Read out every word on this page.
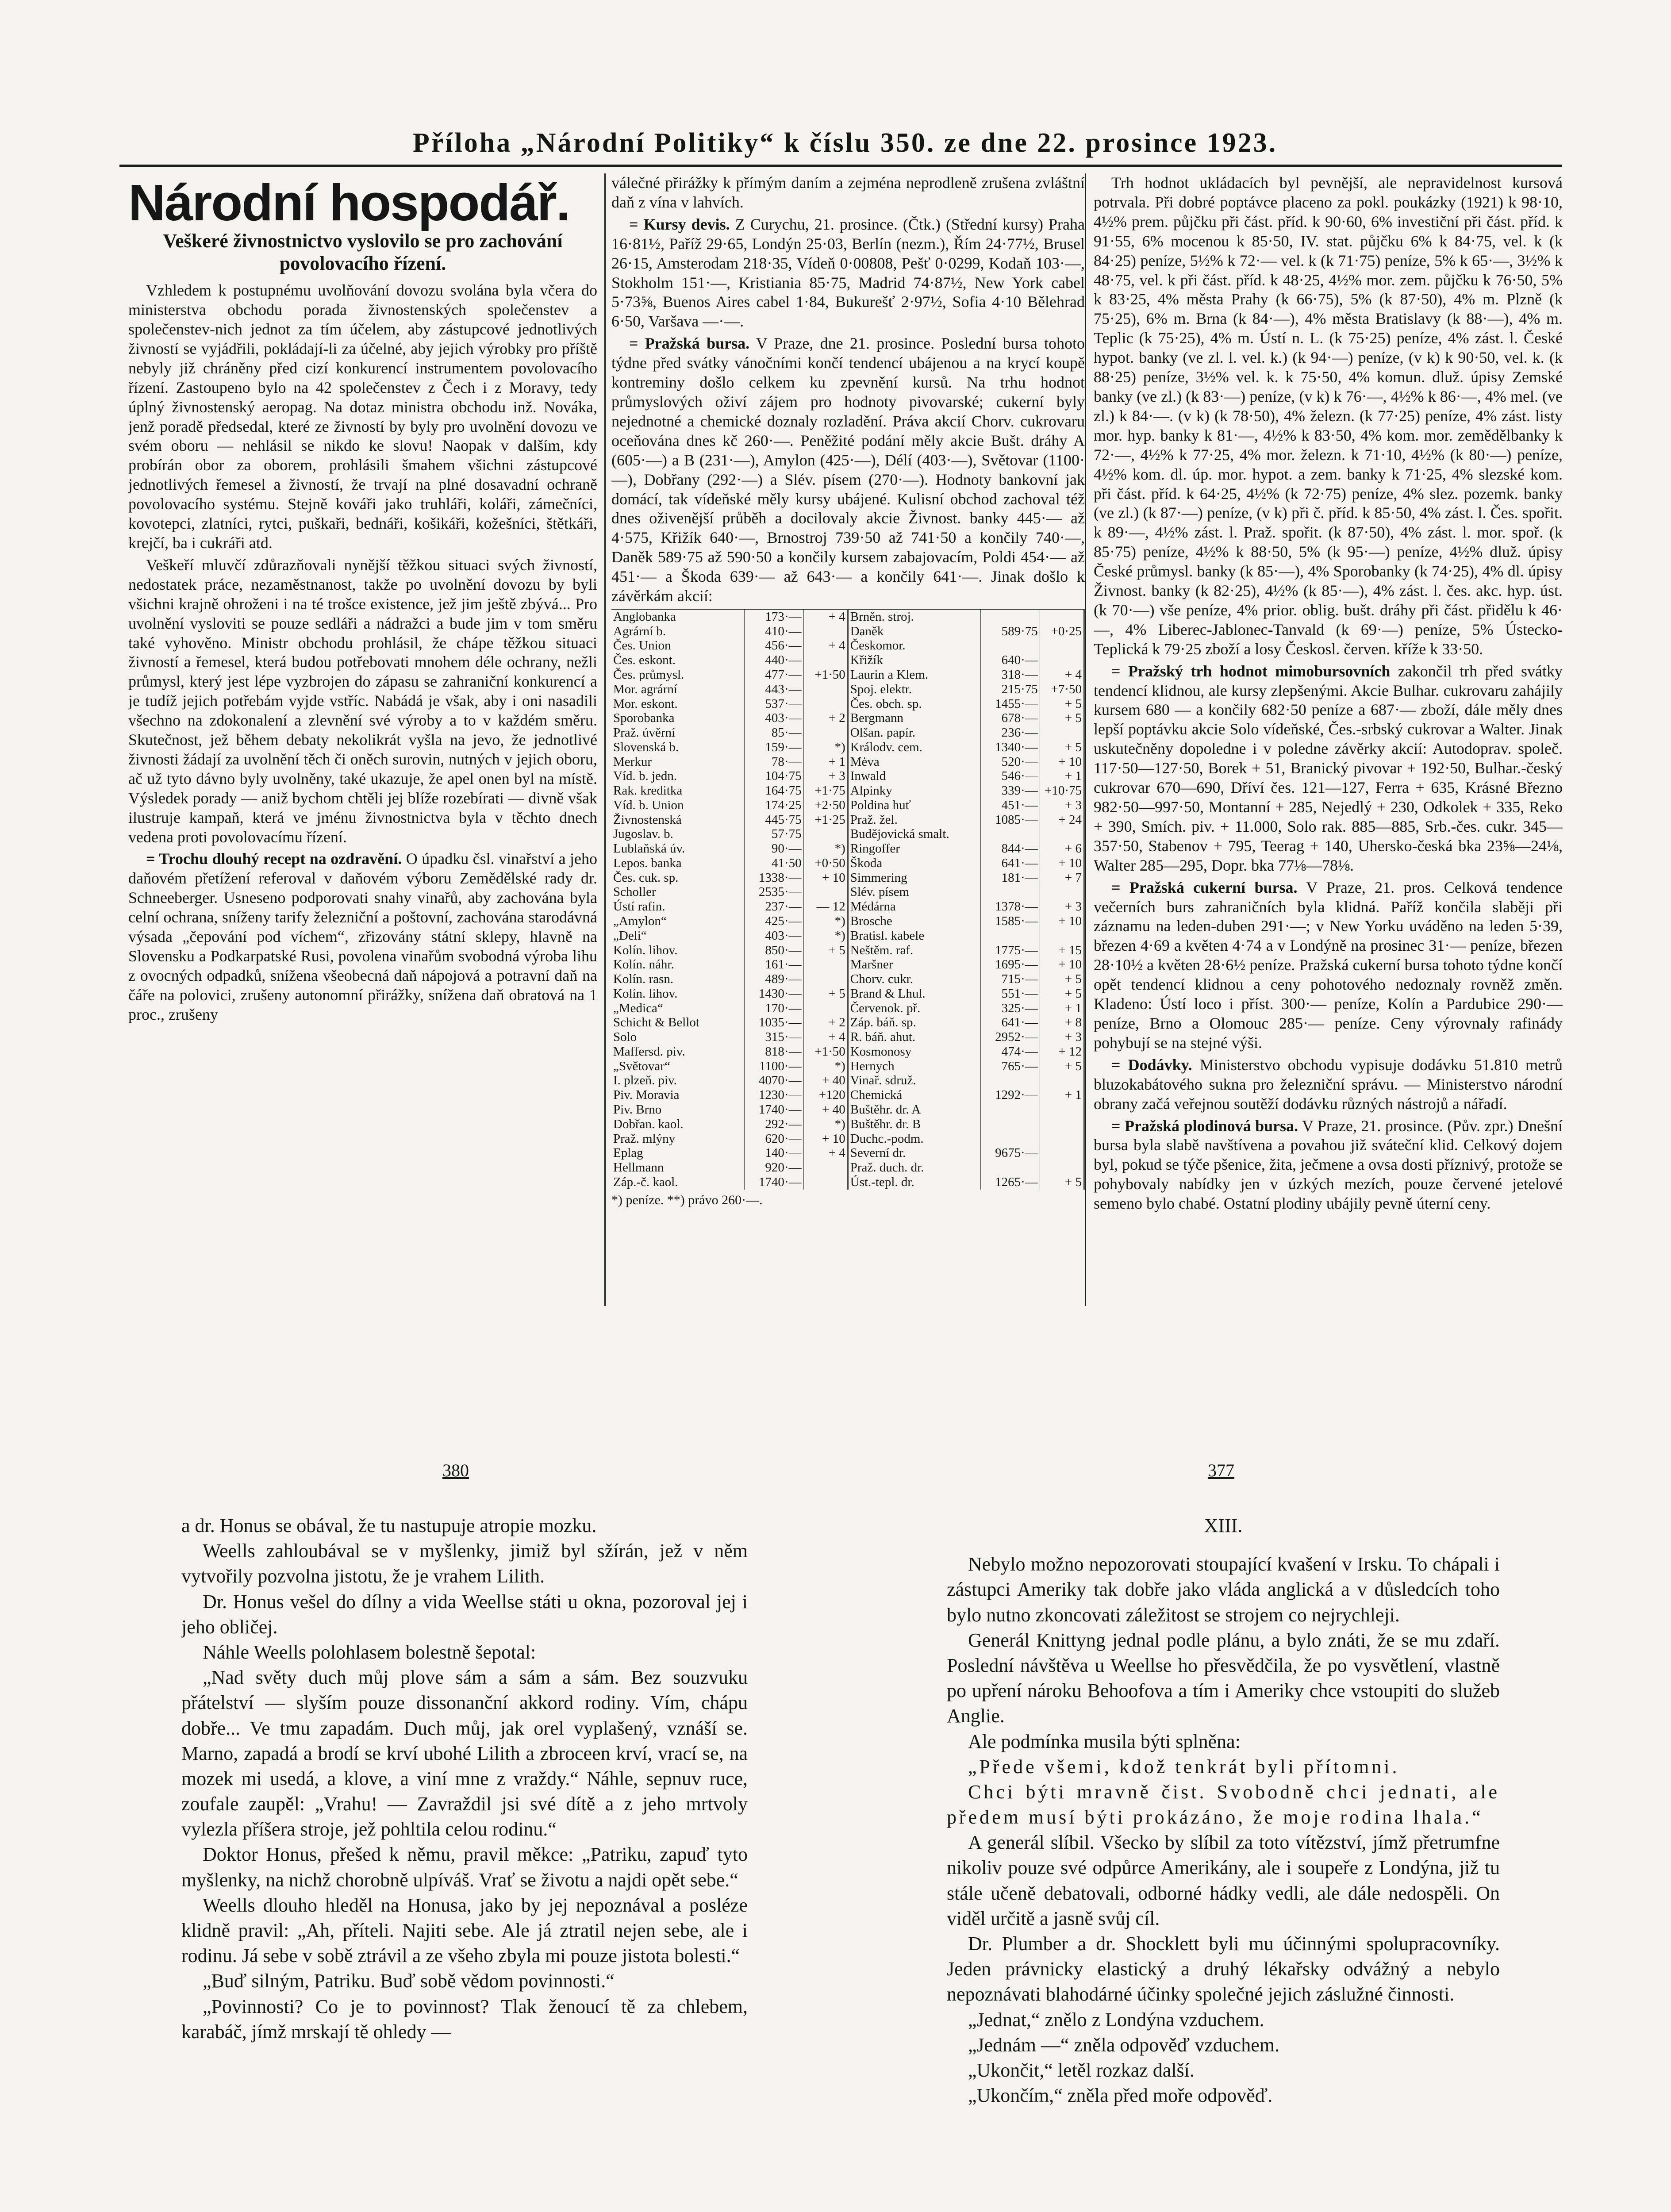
Příloha „Národní Politiky“ k číslu 350. ze dne 22. prosince 1923.
Národní hospodář.
Veškeré živnostnictvo vyslovilo se pro zachování povolovacího řízení.

Vzhledem k postupnému uvolňování dovozu svolána byla včera do ministerstva obchodu porada živnostenských společenstev a společenstev-nich jednot za tím účelem, aby zástupcové jednotlivých živností se vyjádřili, pokládají-li za účelné, aby jejich výrobky pro příště nebyly již chráněny před cizí konkurencí instrumentem povolovacího řízení. Zastoupeno bylo na 42 společenstev z Čech i z Moravy, tedy úplný živnostenský aeropag. Na dotaz ministra obchodu inž. Nováka, jenž poradě předsedal, které ze živností by byly pro uvolnění dovozu ve svém oboru — nehlásil se nikdo ke slovu! Naopak v dalším, kdy probírán obor za oborem, prohlásili šmahem všichni zástupcové jednotlivých řemesel a živností, že trvají na plné dosavadní ochraně povolovacího systému. Stejně kováři jako truhláři, koláři, zámečníci, kovotepci, zlatníci, rytci, puškaři, bednáři, košikáři, kožešníci, štětkáři, krejčí, ba i cukráři atd.

Veškeří mluvčí zdůrazňovali nynější těžkou situaci svých živností, nedostatek práce, nezaměstnanost, takže po uvolnění dovozu by byli všichni krajně ohroženi i na té trošce existence, jež jim ještě zbývá... Pro uvolnění vysloviti se pouze sedláři a nádražci a bude jim v tom směru také vyhověno. Ministr obchodu prohlásil, že chápe těžkou situaci živností a řemesel, která budou potřebovati mnohem déle ochrany, nežli průmysl, který jest lépe vyzbrojen do zápasu se zahraniční konkurencí a je tudíž jejich potřebám vyjde vstříc. Nabádá je však, aby i oni nasadili všechno na zdokonalení a zlevnění své výroby a to v každém směru. Skutečnost, jež během debaty nekolikrát vyšla na jevo, že jednotlivé živnosti žádají za uvolnění těch či oněch surovin, nutných v jejich oboru, ač už tyto dávno byly uvolněny, také ukazuje, že apel onen byl na místě. Výsledek porady — aniž bychom chtěli jej blíže rozebírati — divně však ilustruje kampaň, která ve jménu živnostnictva byla v těchto dnech vedena proti povolovacímu řízení.

= Trochu dlouhý recept na ozdravění. O úpadku čsl. vinařství a jeho daňovém přetížení referoval v daňovém výboru Zemědělské rady dr. Schneeberger. Usneseno podporovati snahy vinařů, aby zachována byla celní ochrana, sníženy tarify železniční a poštovní, zachována starodávná výsada „čepování pod víchem“, zřizovány státní sklepy, hlavně na Slovensku a Podkarpatské Rusi, povolena vinařům svobodná výroba lihu z ovocných odpadků, snížena všeobecná daň nápojová a potravní daň na čáře na polovici, zrušeny autonomní přirážky, snížena daň obratová na 1 proc., zrušeny

válečné přirážky k přímým daním a zejména neprodleně zrušena zvláštní daň z vína v lahvích.

= Kursy devis. Z Curychu, 21. prosince. (Čtk.) (Střední kursy) Praha 16·81½, Paříž 29·65, Londýn 25·03, Berlín (nezm.), Řím 24·77½, Brusel 26·15, Amsterodam 218·35, Vídeň 0·00808, Pešť 0·0299, Kodaň 103·—, Stokholm 151·—, Kristiania 85·75, Madrid 74·87½, New York cabel 5·73⅝, Buenos Aires cabel 1·84, Bukurešť 2·97½, Sofia 4·10 Bělehrad 6·50, Varšava —·—.

= Pražská bursa. V Praze, dne 21. prosince. Poslední bursa tohoto týdne před svátky vánočními končí tendencí ubájenou a na krycí koupě kontreminy došlo celkem ku zpevnění kursů. Na trhu hodnot průmyslových oživí zájem pro hodnoty pivovarské; cukerní byly nejednotné a chemické doznaly rozladění. Práva akcií Chorv. cukrovaru oceňována dnes kč 260·—. Peněžité podání měly akcie Bušt. dráhy A (605·—) a B (231·—), Amylon (425·—), Délí (403·—), Světovar (1100·—), Dobřany (292·—) a Slév. písem (270·—). Hodnoty bankovní jak domácí, tak vídeňské měly kursy ubájené. Kulisní obchod zachoval též dnes oživenější průběh a docilovaly akcie Živnost. banky 445·— až 4·575, Křižík 640·—, Brnostroj 739·50 až 741·50 a končily 740·—, Daněk 589·75 až 590·50 a končily kursem zabajovacím, Poldi 454·— až 451·— a Škoda 639·— až 643·— a končily 641·—. Jinak došlo k závěrkám akcií:

Anglobanka	173·—	+ 4	Brněn. stroj.		
Agrární b.	410·—		Daněk	589·75	+0·25
Čes. Union	456·—	+ 4	Českomor.		
Čes. eskont.	440·—		Křižík	640·—	
Čes. průmysl.	477·—	+1·50	Laurin a Klem.	318·—	+ 4
Mor. agrární	443·—		Spoj. elektr.	215·75	+7·50
Mor. eskont.	537·—		Čes. obch. sp.	1455·—	+ 5
Sporobanka	403·—	+ 2	Bergmann	678·—	+ 5
Praž. úvěrní	85·—		Olšan. papír.	236·—	
Slovenská b.	159·—	*)	Králodv. cem.	1340·—	+ 5
Merkur	78·—	+ 1	Mėva	520·—	+ 10
Víd. b. jedn.	104·75	+ 3	Inwald	546·—	+ 1
Rak. kreditka	164·75	+1·75	Alpinky	339·—	+10·75
Víd. b. Union	174·25	+2·50	Poldina huť	451·—	+ 3
Živnostenská	445·75	+1·25	Praž. žel.	1085·—	+ 24
Jugoslav. b.	57·75		Budějovická smalt.		
Lublaňská úv.	90·—	*)	Ringoffer	844·—	+ 6
Lepos. banka	41·50	+0·50	Škoda	641·—	+ 10
Čes. cuk. sp.	1338·—	+ 10	Simmering	181·—	+ 7
Scholler	2535·—		Slév. písem		
Ústí rafin.	237·—	— 12	Médárna	1378·—	+ 3
„Amylon“	425·—	*)	Brosche	1585·—	+ 10
„Deli“	403·—	*)	Bratisl. kabele		
Kolín. lihov.	850·—	+ 5	Neštěm. raf.	1775·—	+ 15
Kolín. náhr.	161·—		Maršner	1695·—	+ 10
Kolín. rasn.	489·—		Chorv. cukr.	715·—	+ 5
Kolín. lihov.	1430·—	+ 5	Brand & Lhul.	551·—	+ 5
„Medica“	170·—		Červenok. př.	325·—	+ 1
Schicht & Bellot	1035·—	+ 2	Záp. báň. sp.	641·—	+ 8
Solo	315·—	+ 4	R. báň. ahut.	2952·—	+ 3
Maffersd. piv.	818·—	+1·50	Kosmonosy	474·—	+ 12
„Světovar“	1100·—	*)	Hernych	765·—	+ 5
I. plzeň. piv.	4070·—	+ 40	Vinař. sdruž.		
Piv. Moravia	1230·—	+120	Chemická	1292·—	+ 1
Piv. Brno	1740·—	+ 40	Buštěhr. dr. A		
Dobřan. kaol.	292·—	*)	Buštěhr. dr. B		
Praž. mlýny	620·—	+ 10	Duchc.-podm.		
Eplag	140·—	+ 4	Severní dr.	9675·—	
Hellmann	920·—		Praž. duch. dr.		
Záp.-č. kaol.	1740·—		Úst.-tepl. dr.	1265·—	+ 5
*) peníze. **) právo 260·—.

Trh hodnot ukládacích byl pevnější, ale nepravidelnost kursová potrvala. Při dobré poptávce placeno za pokl. poukázky (1921) k 98·10, 4½% prem. půjčku při část. příd. k 90·60, 6% investiční při část. příd. k 91·55, 6% mocenou k 85·50, IV. stat. půjčku 6% k 84·75, vel. k (k 84·25) peníze, 5½% k 72·— vel. k (k 71·75) peníze, 5% k 65·—, 3½% k 48·75, vel. k při část. příd. k 48·25, 4½% mor. zem. půjčku k 76·50, 5% k 83·25, 4% města Prahy (k 66·75), 5% (k 87·50), 4% m. Plzně (k 75·25), 6% m. Brna (k 84·—), 4% města Bratislavy (k 88·—), 4% m. Teplic (k 75·25), 4% m. Ústí n. L. (k 75·25) peníze, 4% zást. l. České hypot. banky (ve zl. l. vel. k.) (k 94·—) peníze, (v k) k 90·50, vel. k. (k 88·25) peníze, 3½% vel. k. k 75·50, 4% komun. dluž. úpisy Zemské banky (ve zl.) (k 83·—) peníze, (v k) k 76·—, 4½% k 86·—, 4% mel. (ve zl.) k 84·—. (v k) (k 78·50), 4% železn. (k 77·25) peníze, 4% zást. listy mor. hyp. banky k 81·—, 4½% k 83·50, 4% kom. mor. zemědělbanky k 72·—, 4½% k 77·25, 4% mor. železn. k 71·10, 4½% (k 80·—) peníze, 4½% kom. dl. úp. mor. hypot. a zem. banky k 71·25, 4% slezské kom. při část. příd. k 64·25, 4½% (k 72·75) peníze, 4% slez. pozemk. banky (ve zl.) (k 87·—) peníze, (v k) při č. příd. k 85·50, 4% zást. l. Čes. spořit. k 89·—, 4½% zást. l. Praž. spořit. (k 87·50), 4% zást. l. mor. spoř. (k 85·75) peníze, 4½% k 88·50, 5% (k 95·—) peníze, 4½% dluž. úpisy České průmysl. banky (k 85·—), 4% Sporobanky (k 74·25), 4% dl. úpisy Živnost. banky (k 82·25), 4½% (k 85·—), 4% zást. l. čes. akc. hyp. úst. (k 70·—) vše peníze, 4% prior. oblig. bušt. dráhy při část. přidělu k 46·—, 4% Liberec-Jablonec-Tanvald (k 69·—) peníze, 5% Ústecko-Teplická k 79·25 zboží a losy Českosl. červen. kříže k 33·50.

= Pražský trh hodnot mimobursovních zakončil trh před svátky tendencí klidnou, ale kursy zlepšenými. Akcie Bulhar. cukrovaru zahájily kursem 680 — a končily 682·50 peníze a 687·— zboží, dále měly dnes lepší poptávku akcie Solo vídeňské, Čes.-srbský cukrovar a Walter. Jinak uskutečněny dopoledne i v poledne závěrky akcií: Autodoprav. společ. 117·50—127·50, Borek + 51, Branický pivovar + 192·50, Bulhar.-český cukrovar 670—690, Dříví čes. 121—127, Ferra + 635, Krásné Březno 982·50—997·50, Montanní + 285, Nejedlý + 230, Odkolek + 335, Reko + 390, Smích. piv. + 11.000, Solo rak. 885—885, Srb.-čes. cukr. 345—357·50, Stabenov + 795, Teerag + 140, Uhersko-česká bka 23⅝—24⅛, Walter 285—295, Dopr. bka 77⅛—78⅛.

= Pražská cukerní bursa. V Praze, 21. pros. Celková tendence večerních burs zahraničních byla klidná. Paříž končila slaběji při záznamu na leden-duben 291·—; v New Yorku uváděno na leden 5·39, březen 4·69 a květen 4·74 a v Londýně na prosinec 31·— peníze, březen 28·10½ a květen 28·6½ peníze. Pražská cukerní bursa tohoto týdne končí opět tendencí klidnou a ceny pohotového nedoznaly rovněž změn. Kladeno: Ústí loco i příst. 300·— peníze, Kolín a Pardubice 290·— peníze, Brno a Olomouc 285·— peníze. Ceny výrovnaly rafinády pohybují se na stejné výši.

= Dodávky. Ministerstvo obchodu vypisuje dodávku 51.810 metrů bluzokabátového sukna pro železniční správu. — Ministerstvo národní obrany začá veřejnou soutěží dodávku různých nástrojů a nářadí.

= Pražská plodinová bursa. V Praze, 21. prosince. (Pův. zpr.) Dnešní bursa byla slabě navštívena a povahou již sváteční klid. Celkový dojem byl, pokud se týče pšenice, žita, ječmene a ovsa dosti příznivý, protože se pohybovaly nabídky jen v úzkých mezích, pouze červené jetelové semeno bylo chabé. Ostatní plodiny ubájily pevně úterní ceny.

380	377

a dr. Honus se obával, že tu nastupuje atropie mozku.

Weells zahloubával se v myšlenky, jimiž byl sžírán, jež v něm vytvořily pozvolna jistotu, že je vrahem Lilith.

Dr. Honus vešel do dílny a vida Weellse státi u okna, pozoroval jej i jeho obličej.

Náhle Weells polohlasem bolestně šepotal:

„Nad světy duch můj plove sám a sám a sám. Bez souzvuku přátelství — slyším pouze dissonanční akkord rodiny. Vím, chápu dobře... Ve tmu zapadám. Duch můj, jak orel vyplašený, vznáší se. Marno, zapadá a brodí se krví ubohé Lilith a zbroceen krví, vrací se, na mozek mi usedá, a klove, a viní mne z vraždy.“ Náhle, sepnuv ruce, zoufale zaupěl: „Vrahu! — Zavraždil jsi své dítě a z jeho mrtvoly vylezla příšera stroje, jež pohltila celou rodinu.“

Doktor Honus, přešed k němu, pravil měkce: „Patriku, zapuď tyto myšlenky, na nichž chorobně ulpíváš. Vrať se životu a najdi opět sebe.“

Weells dlouho hleděl na Honusa, jako by jej nepoznával a posléze klidně pravil: „Ah, příteli. Najiti sebe. Ale já ztratil nejen sebe, ale i rodinu. Já sebe v sobě ztrávil a ze všeho zbyla mi pouze jistota bolesti.“

„Buď silným, Patriku. Buď sobě vědom povinnosti.“

„Povinnosti? Co je to povinnost? Tlak ženoucí tě za chlebem, karabáč, jímž mrskají tě ohledy —

XIII.

Nebylo možno nepozorovati stoupající kvašení v Irsku. To chápali i zástupci Ameriky tak dobře jako vláda anglická a v důsledcích toho bylo nutno zkoncovati záležitost se strojem co nejrychleji.

Generál Knittyng jednal podle plánu, a bylo znáti, že se mu zdaří. Poslední návštěva u Weellse ho přesvědčila, že po vysvětlení, vlastně po upření nároku Behoofova a tím i Ameriky chce vstoupiti do služeb Anglie.

Ale podmínka musila býti splněna:

„Přede všemi, kdož tenkrát byli přítomni.

Chci býti mravně čist. Svobodně chci jednati, ale předem musí býti prokázáno, že moje rodina lhala.“

A generál slíbil. Všecko by slíbil za toto vítězství, jímž přetrumfne nikoliv pouze své odpůrce Amerikány, ale i soupeře z Londýna, již tu stále učeně debatovali, odborné hádky vedli, ale dále nedospěli. On viděl určitě a jasně svůj cíl.

Dr. Plumber a dr. Shocklett byli mu účinnými spolupracovníky. Jeden právnicky elastický a druhý lékařsky odvážný a nebylo nepoznávati blahodárné účinky společné jejich záslužné činnosti.

„Jednat,“ znělo z Londýna vzduchem.

„Jednám —“ zněla odpověď vzduchem.

„Ukončit,“ letěl rozkaz další.

„Ukončím,“ zněla před moře odpověď.
